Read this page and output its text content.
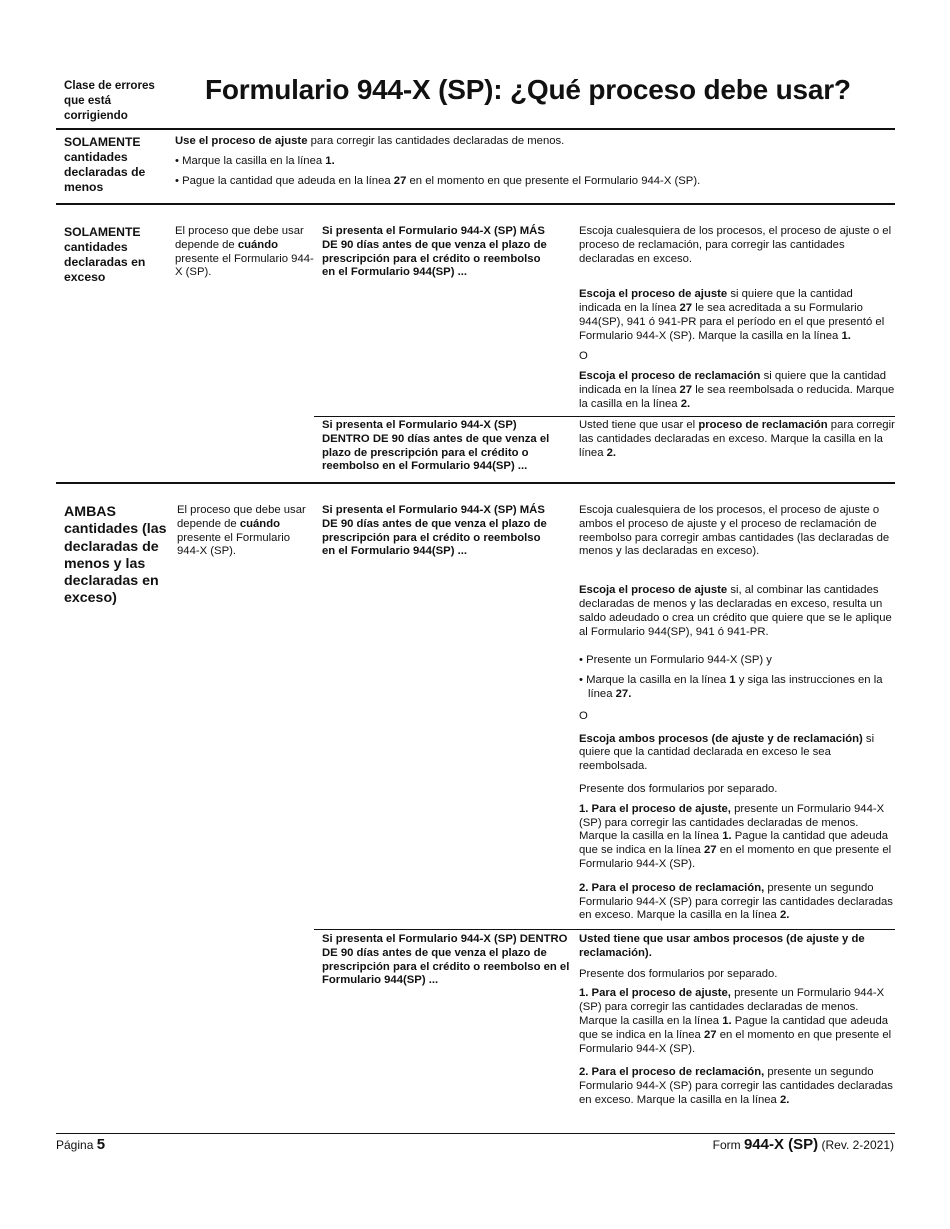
Clase de errores que está corrigiendo
Formulario 944-X (SP): ¿Qué proceso debe usar?
SOLAMENTE cantidades declaradas de menos

Use el proceso de ajuste para corregir las cantidades declaradas de menos.

• Marque la casilla en la línea 1.

• Pague la cantidad que adeuda en la línea 27 en el momento en que presente el Formulario 944-X (SP).

SOLAMENTE cantidades declaradas en exceso
El proceso que debe usar depende de cuándo presente el Formulario 944-X (SP).
Si presenta el Formulario 944-X (SP) MÁS DE 90 días antes de que venza el plazo de prescripción para el crédito o reembolso en el Formulario 944(SP) ...

Escoja cualesquiera de los procesos, el proceso de ajuste o el proceso de reclamación, para corregir las cantidades declaradas en exceso.

Escoja el proceso de ajuste si quiere que la cantidad indicada en la línea 27 le sea acreditada a su Formulario 944(SP), 941 ó 941-PR para el período en el que presentó el Formulario 944-X (SP). Marque la casilla en la línea 1.

O

Escoja el proceso de reclamación si quiere que la cantidad indicada en la línea 27 le sea reembolsada o reducida. Marque la casilla en la línea 2.

Si presenta el Formulario 944-X (SP) DENTRO DE 90 días antes de que venza el plazo de prescripción para el crédito o reembolso en el Formulario 944(SP) ...

Usted tiene que usar el proceso de reclamación para corregir las cantidades declaradas en exceso. Marque la casilla en la línea 2.

AMBAS cantidades (las declaradas de menos y las declaradas en exceso)
El proceso que debe usar depende de cuándo presente el Formulario 944-X (SP).
Si presenta el Formulario 944-X (SP) MÁS DE 90 días antes de que venza el plazo de prescripción para el crédito o reembolso en el Formulario 944(SP) ...

Escoja cualesquiera de los procesos, el proceso de ajuste o ambos el proceso de ajuste y el proceso de reclamación de reembolso para corregir ambas cantidades (las declaradas de menos y las declaradas en exceso).

Escoja el proceso de ajuste si, al combinar las cantidades declaradas de menos y las declaradas en exceso, resulta un saldo adeudado o crea un crédito que quiere que se le aplique al Formulario 944(SP), 941 ó 941-PR.

• Presente un Formulario 944-X (SP) y

• Marque la casilla en la línea 1 y siga las instrucciones en la línea 27.

O

Escoja ambos procesos (de ajuste y de reclamación) si quiere que la cantidad declarada en exceso le sea reembolsada.

Presente dos formularios por separado.

1. Para el proceso de ajuste, presente un Formulario 944-X (SP) para corregir las cantidades declaradas de menos. Marque la casilla en la línea 1. Pague la cantidad que adeuda que se indica en la línea 27 en el momento en que presente el Formulario 944-X (SP).

2. Para el proceso de reclamación, presente un segundo Formulario 944-X (SP) para corregir las cantidades declaradas en exceso. Marque la casilla en la línea 2.

Si presenta el Formulario 944-X (SP) DENTRO DE 90 días antes de que venza el plazo de prescripción para el crédito o reembolso en el Formulario 944(SP) ...

Usted tiene que usar ambos procesos (de ajuste y de reclamación).

Presente dos formularios por separado.

1. Para el proceso de ajuste, presente un Formulario 944-X (SP) para corregir las cantidades declaradas de menos. Marque la casilla en la línea 1. Pague la cantidad que adeuda que se indica en la línea 27 en el momento en que presente el Formulario 944-X (SP).

2. Para el proceso de reclamación, presente un segundo Formulario 944-X (SP) para corregir las cantidades declaradas en exceso. Marque la casilla en la línea 2.

Página 5	Form 944-X (SP) (Rev. 2-2021)
